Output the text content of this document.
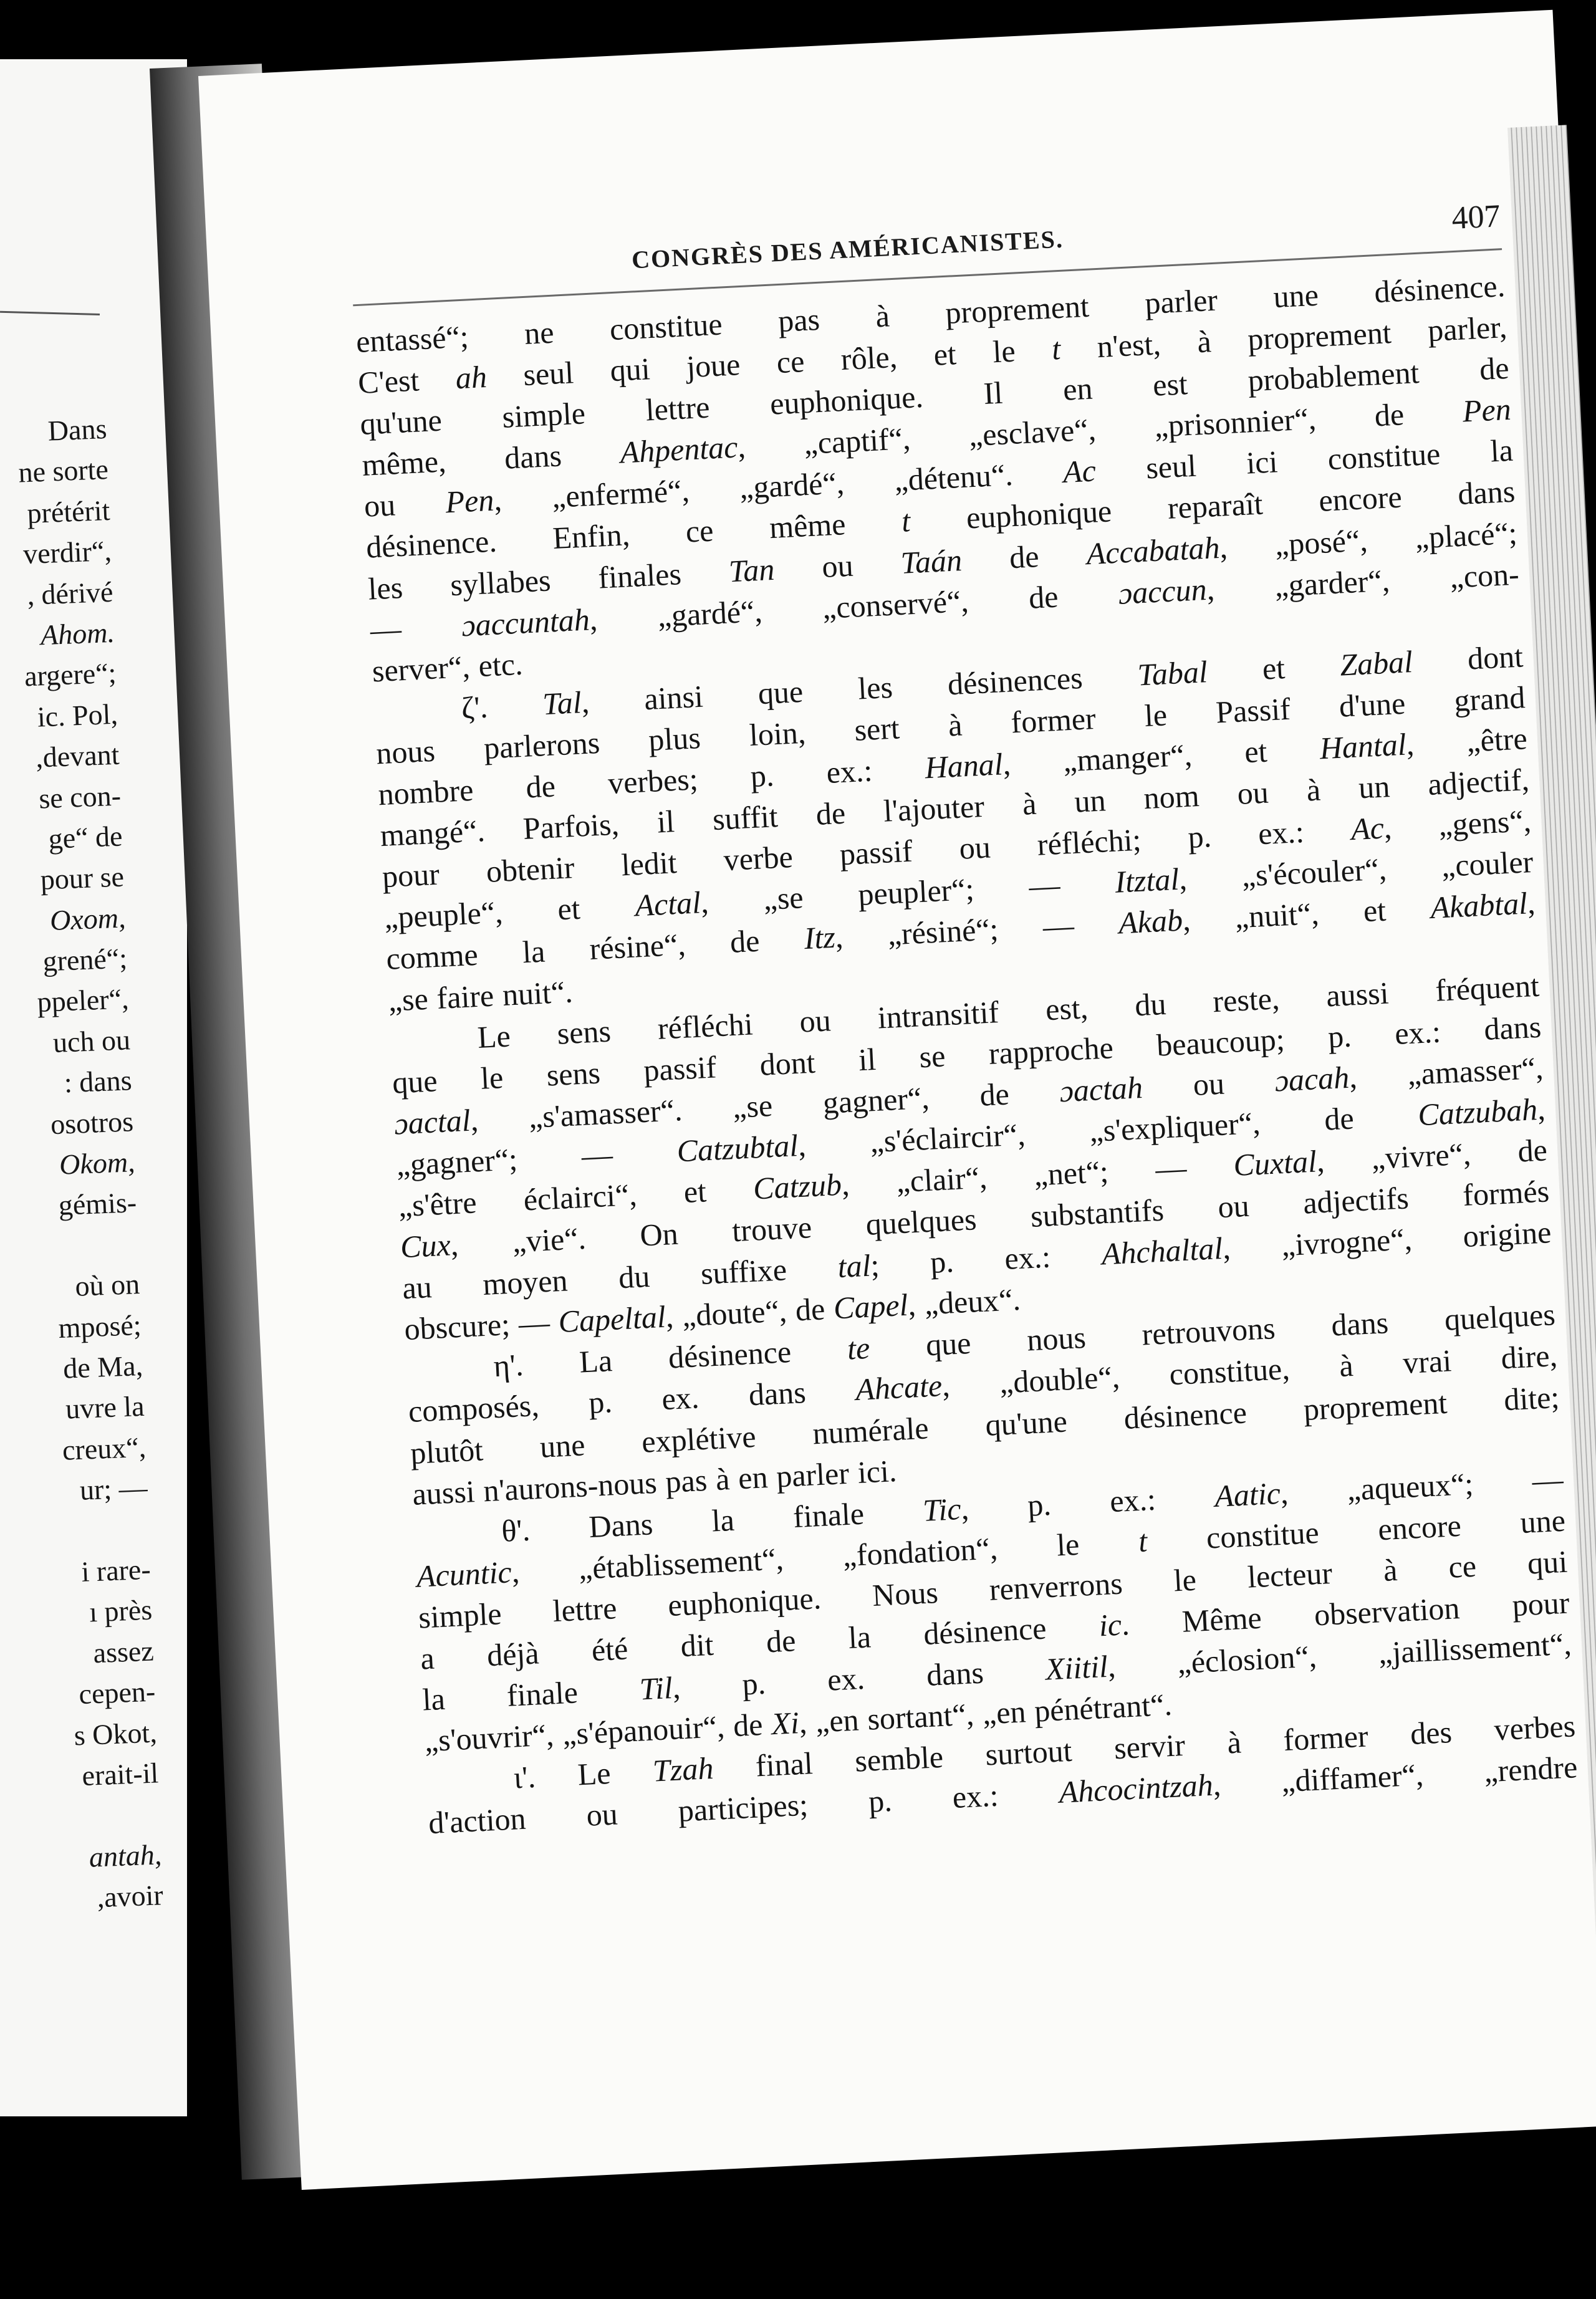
Dans
ne sorte
prétérit
verdir“,
, dérivé
Ahom.
argere“;
ic. Pol,
,devant
se con-
ge“ de
pour se
Oxom,
grené“;
ppeler“,
uch ou
: dans
osotros
Okom,
gémis-
où on
mposé;
de Ma,
uvre la
creux“,
ur; —
i rare-
ı près
assez
cepen-
s Okot,
erait-il
antah,
,avoir
CONGRÈS DES AMÉRICANISTES.
407
entassé“; ne constitue pas à proprement parler une désinence.
C'est ah seul qui joue ce rôle, et le t n'est, à proprement parler,
qu'une simple lettre euphonique. Il en est probablement de
même, dans Ahpentac, „captif“, „esclave“, „prisonnier“, de Pen
ou Pen, „enfermé“, „gardé“, „détenu“. Ac seul ici constitue la
désinence. Enfin, ce même t euphonique reparaît encore dans
les syllabes finales Tan ou Taán de Accabatah, „posé“, „placé“;
— ɔaccuntah, „gardé“, „conservé“, de ɔaccun, „garder“, „con-
server“, etc.
ζ'. Tal, ainsi que les désinences Tabal et Zabal dont
nous parlerons plus loin, sert à former le Passif d'une grand
nombre de verbes; p. ex.: Hanal, „manger“, et Hantal, „être
mangé“. Parfois, il suffit de l'ajouter à un nom ou à un adjectif,
pour obtenir ledit verbe passif ou réfléchi; p. ex.: Ac, „gens“,
„peuple“, et Actal, „se peupler“; — Itztal, „s'écouler“, „couler
comme la résine“, de Itz, „résiné“; — Akab, „nuit“, et Akabtal,
„se faire nuit“.
Le sens réfléchi ou intransitif est, du reste, aussi fréquent
que le sens passif dont il se rapproche beaucoup; p. ex.: dans
ɔactal, „s'amasser“. „se gagner“, de ɔactah ou ɔacah, „amasser“,
„gagner“; — Catzubtal, „s'éclaircir“, „s'expliquer“, de Catzubah,
„s'être éclairci“, et Catzub, „clair“, „net“; — Cuxtal, „vivre“, de
Cux, „vie“. On trouve quelques substantifs ou adjectifs formés
au moyen du suffixe tal; p. ex.: Ahchaltal, „ivrogne“, origine
obscure; — Capeltal, „doute“, de Capel, „deux“.
η'. La désinence te que nous retrouvons dans quelques
composés, p. ex. dans Ahcate, „double“, constitue, à vrai dire,
plutôt une explétive numérale qu'une désinence proprement dite;
aussi n'aurons-nous pas à en parler ici.
θ'. Dans la finale Tic, p. ex.: Aatic, „aqueux“; —
Acuntic, „établissement“, „fondation“, le t constitue encore une
simple lettre euphonique. Nous renverrons le lecteur à ce qui
a déjà été dit de la désinence ic. Même observation pour
la finale Til, p. ex. dans Xiitil, „éclosion“, „jaillissement“,
„s'ouvrir“, „s'épanouir“, de Xi, „en sortant“, „en pénétrant“.
ι'. Le Tzah final semble surtout servir à former des verbes
d'action ou participes; p. ex.: Ahcocintzah, „diffamer“, „rendre
